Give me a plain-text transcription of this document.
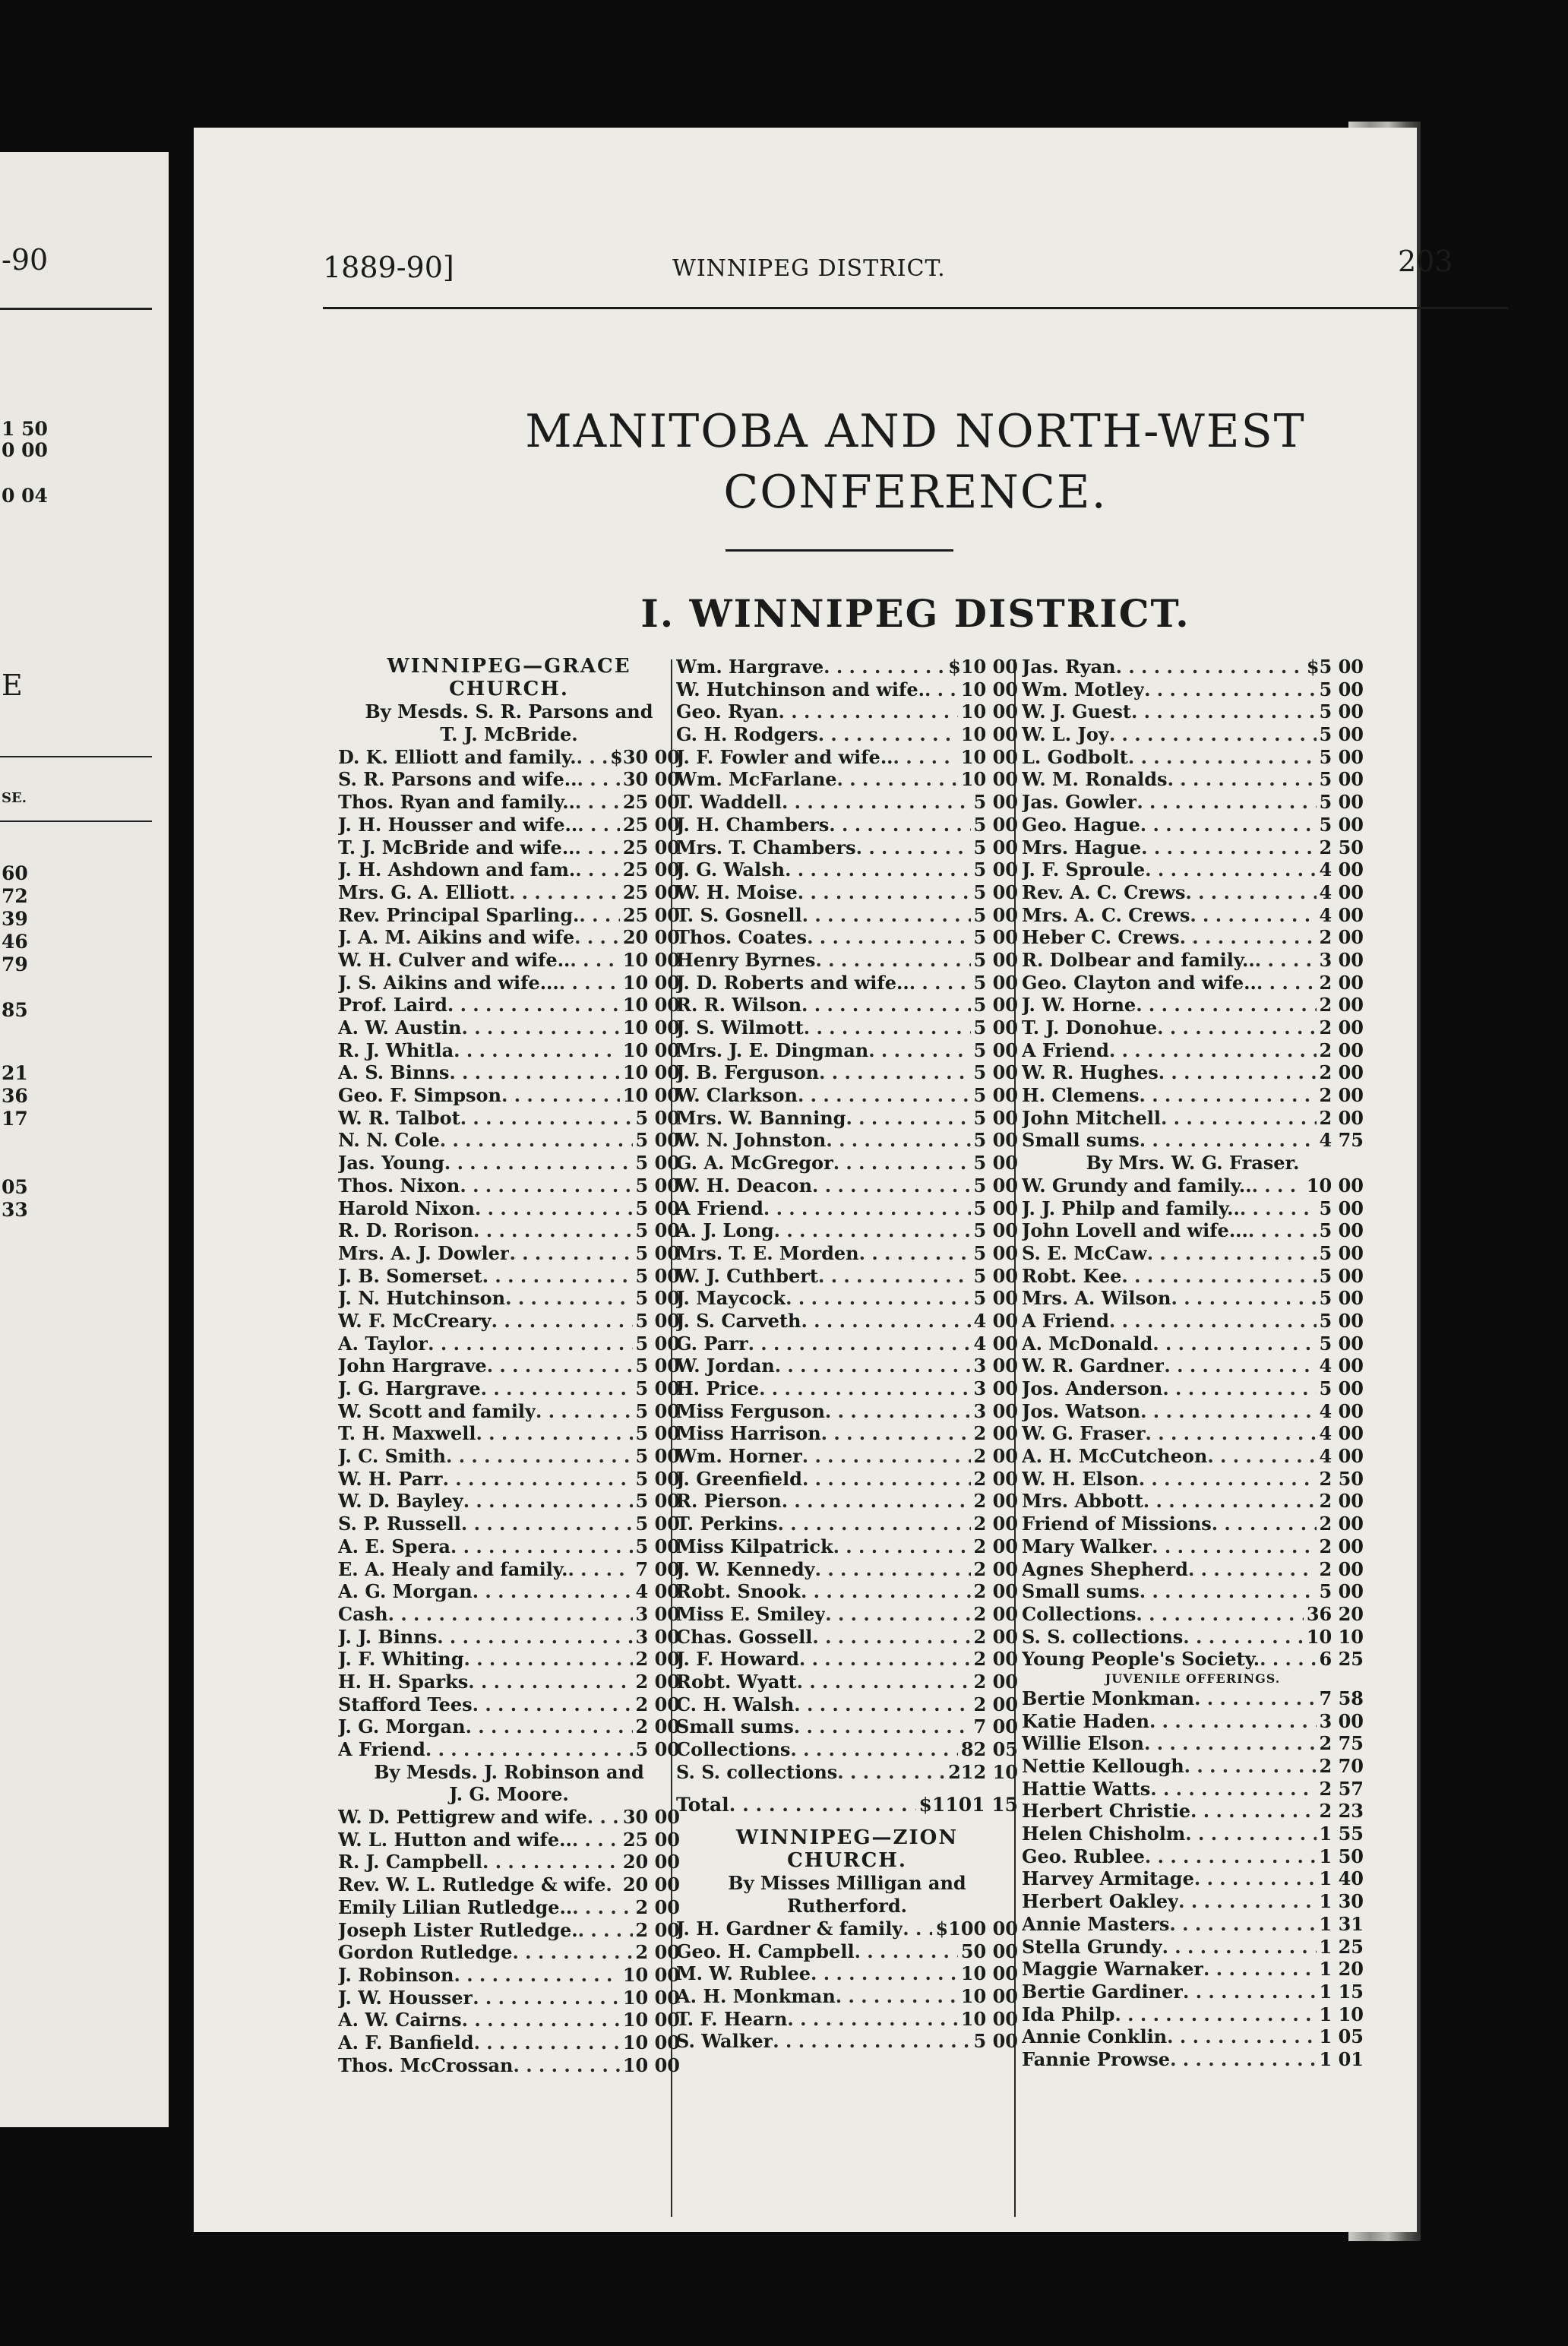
-90
1 50
0 00
0 04
E
SE.
60
72
39
46
79
85
21
36
17
05
33
1889-90]	WINNIPEG DISTRICT.	203
MANITOBA AND NORTH-WEST
CONFERENCE.
I. WINNIPEG DISTRICT.
WINNIPEG—GRACE
CHURCH.
By Mesds. S. R. Parsons and
T. J. McBride.
D. K. Elliott and family. . . . $30 00
S. R. Parsons and wife.. . . .	30 00
Thos. Ryan and family.. . . .	25 00
J. H. Housser and wife.. . . . 25 00
T. J. McBride and wife.. . . .	25 00
J. H. Ashdown and fam. . . .	25 00
Mrs. G. A. Elliott . . .	25 00
Rev. Principal Sparling. . . . 25 00
J. A. M. Aikins and wife . . .	20 00
W. H. Culver and wife.. . . .	10 00
J. S. Aikins and wife... . . .	10 00
Prof. Laird . . .	10 00
A. W. Austin . . .	10 00
R. J. Whitla . . .	10 00
A. S. Binns . . .	10 00
Geo. F. Simpson . . .	10 00
W. R. Talbot . . .	5 00
N. N. Cole . . .	5 00
Jas. Young . . .	5 00
Thos. Nixon . . .	5 00
Harold Nixon . . .	5 00
R. D. Rorison . . .	5 00
Mrs. A. J. Dowler . . .	5 00
J. B. Somerset . . .	5 00
J. N. Hutchinson . . .	5 00
W. F. McCreary . . .	5 00
A. Taylor . . .	5 00
John Hargrave . . .	5 00
J. G. Hargrave . . .	5 00
W. Scott and family . . .	5 00
T. H. Maxwell . . .	5 00
J. C. Smith . . .	5 00
W. H. Parr . . .	5 00
W. D. Bayley . . .	5 00
S. P. Russell . . .	5 00
A. E. Spera . . .	5 00
E. A. Healy and family. . . .	7 00
A. G. Morgan . . .	4 00
Cash . . .	3 00
J. J. Binns . . .	3 00
J. F. Whiting . . .	2 00
H. H. Sparks . . .	2 00
Stafford Tees . . .	2 00
J. G. Morgan . . .	2 00
A Friend . . .	5 00
By Mesds. J. Robinson and
J. G. Moore.
W. D. Pettigrew and wife . . . 30 00
W. L. Hutton and wife.. . . .	25 00
R. J. Campbell . . .	20 00
Rev. W. L. Rutledge & wife . . . 20 00
Emily Lilian Rutledge.. . . .	2 00
Joseph Lister Rutledge. . . .	2 00
Gordon Rutledge . . .	2 00
J. Robinson . . .	10 00
J. W. Housser . . .	10 00
A. W. Cairns . . .	10 00
A. F. Banfield . . .	10 00
Thos. McCrossan . . .	10 00
Wm. Hargrave . . .	$10 00
W. Hutchinson and wife. . . . 10 00
Geo. Ryan . . .	10 00
G. H. Rodgers . . .	10 00
J. F. Fowler and wife.. . . .	10 00
Wm. McFarlane . . .	10 00
T. Waddell . . .	5 00
J. H. Chambers . . .	5 00
Mrs. T. Chambers . . .	5 00
J. G. Walsh . . .	5 00
W. H. Moise . . .	5 00
T. S. Gosnell . . .	5 00
Thos. Coates . . .	5 00
Henry Byrnes . . .	5 00
J. D. Roberts and wife.. . . .	5 00
R. R. Wilson . . .	5 00
J. S. Wilmott . . .	5 00
Mrs. J. E. Dingman . . .	5 00
J. B. Ferguson . . .	5 00
W. Clarkson . . .	5 00
Mrs. W. Banning . . .	5 00
W. N. Johnston . . .	5 00
G. A. McGregor . . .	5 00
W. H. Deacon . . .	5 00
A Friend . . .	5 00
A. J. Long . . .	5 00
Mrs. T. E. Morden . . .	5 00
W. J. Cuthbert . . .	5 00
J. Maycock . . .	5 00
J. S. Carveth . . .	4 00
G. Parr . . .	4 00
W. Jordan . . .	3 00
H. Price . . .	3 00
Miss Ferguson . . .	3 00
Miss Harrison . . .	2 00
Wm. Horner . . .	2 00
J. Greenfield . . .	2 00
R. Pierson . . .	2 00
T. Perkins . . .	2 00
Miss Kilpatrick . . .	2 00
J. W. Kennedy . . .	2 00
Robt. Snook . . .	2 00
Miss E. Smiley . . .	2 00
Chas. Gossell . . .	2 00
J. F. Howard . . .	2 00
Robt. Wyatt . . .	2 00
C. H. Walsh . . .	2 00
Small sums . . .	7 00
Collections . . .	82 05
S. S. collections . . .	212 10
Total . . .	$1101 15
WINNIPEG—ZION
CHURCH.
By Misses Milligan and
Rutherford.
J. H. Gardner & family . . . $100 00
Geo. H. Campbell . . .	50 00
M. W. Rublee . . .	10 00
A. H. Monkman . . .	10 00
T. F. Hearn . . .	10 00
S. Walker . . .	5 00
Jas. Ryan . . .	$5 00
Wm. Motley . . .	5 00
W. J. Guest . . .	5 00
W. L. Joy . . .	5 00
L. Godbolt . . .	5 00
W. M. Ronalds . . .	5 00
Jas. Gowler . . .	5 00
Geo. Hague . . .	5 00
Mrs. Hague . . .	2 50
J. F. Sproule . . .	4 00
Rev. A. C. Crews . . .	4 00
Mrs. A. C. Crews . . .	4 00
Heber C. Crews . . .	2 00
R. Dolbear and family.. . . .	3 00
Geo. Clayton and wife.. . . .	2 00
J. W. Horne . . .	2 00
T. J. Donohue . . .	2 00
A Friend . . .	2 00
W. R. Hughes . . .	2 00
H. Clemens . . .	2 00
John Mitchell . . .	2 00
Small sums . . .	4 75
By Mrs. W. G. Fraser.
W. Grundy and family.. . . .	10 00
J. J. Philp and family.. . . .	5 00
John Lovell and wife... . . .	5 00
S. E. McCaw . . .	5 00
Robt. Kee . . .	5 00
Mrs. A. Wilson . . .	5 00
A Friend . . .	5 00
A. McDonald . . .	5 00
W. R. Gardner . . .	4 00
Jos. Anderson . . .	5 00
Jos. Watson . . .	4 00
W. G. Fraser . . .	4 00
A. H. McCutcheon . . .	4 00
W. H. Elson . . .	2 50
Mrs. Abbott . . .	2 00
Friend of Missions . . .	2 00
Mary Walker . . .	2 00
Agnes Shepherd . . .	2 00
Small sums . . .	5 00
Collections . . .	36 20
S. S. collections . . .	10 10
Young People's Society. . . .	6 25
JUVENILE OFFERINGS.
Bertie Monkman . . .	7 58
Katie Haden . . .	3 00
Willie Elson . . .	2 75
Nettie Kellough . . .	2 70
Hattie Watts . . .	2 57
Herbert Christie . . .	2 23
Helen Chisholm . . .	1 55
Geo. Rublee . . .	1 50
Harvey Armitage . . .	1 40
Herbert Oakley . . .	1 30
Annie Masters . . .	1 31
Stella Grundy . . .	1 25
Maggie Warnaker . . .	1 20
Bertie Gardiner . . .	1 15
Ida Philp . . .	1 10
Annie Conklin . . .	1 05
Fannie Prowse . . .	1 01
